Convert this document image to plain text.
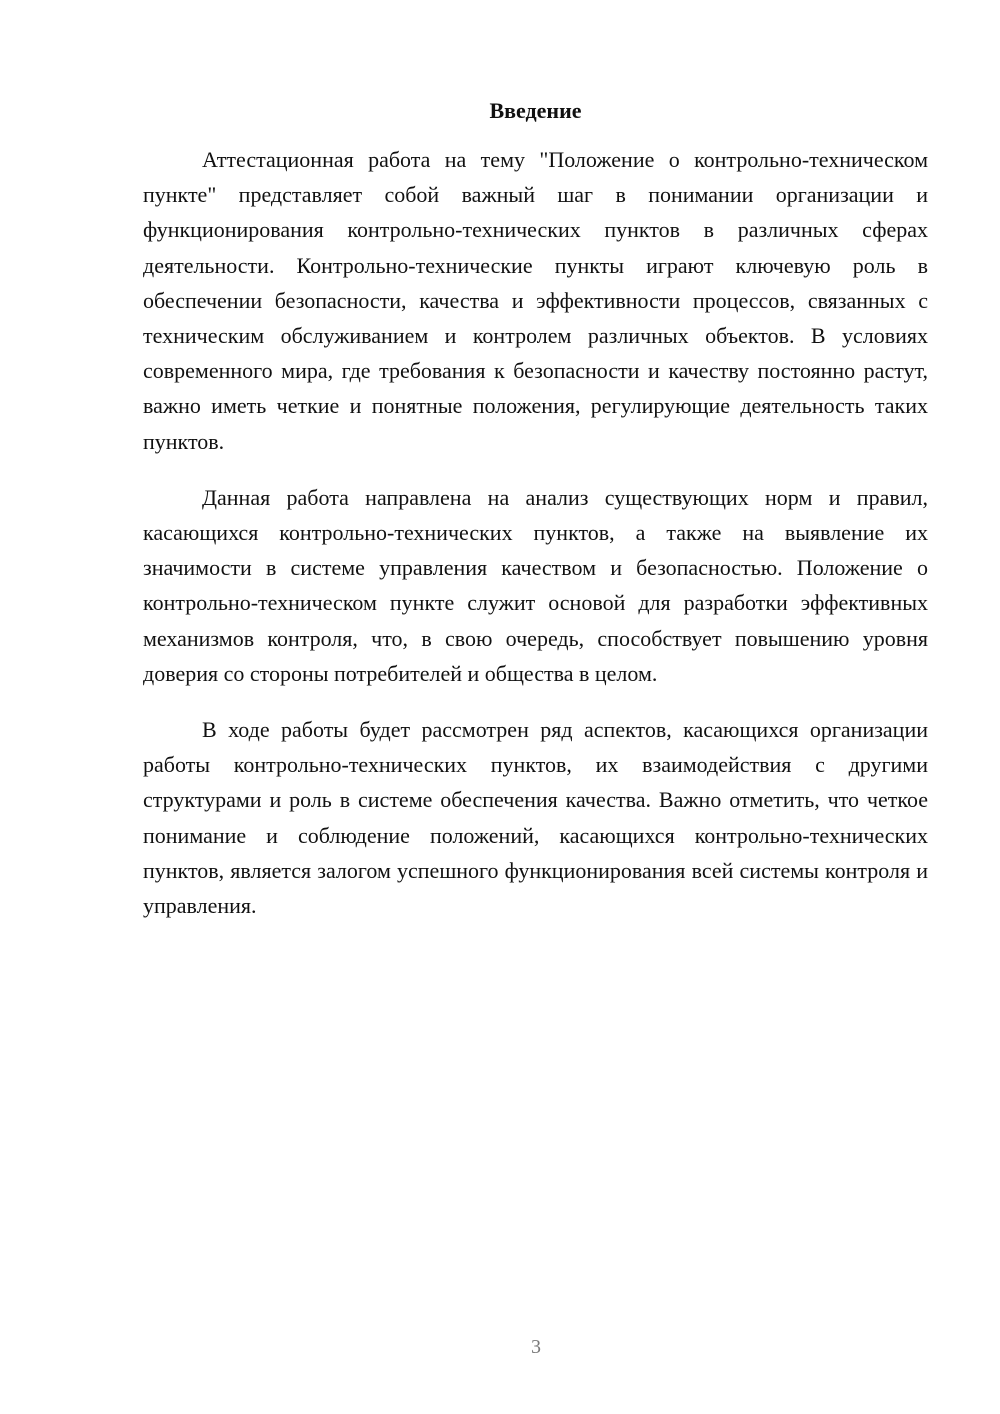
Введение

Аттестационная работа на тему "Положение о контрольно-техническом пункте" представляет собой важный шаг в понимании организации и функционирования контрольно-технических пунктов в различных сферах деятельности. Контрольно-технические пункты играют ключевую роль в обеспечении безопасности, качества и эффективности процессов, связанных с техническим обслуживанием и контролем различных объектов. В условиях современного мира, где требования к безопасности и качеству постоянно растут, важно иметь четкие и понятные положения, регулирующие деятельность таких пунктов.

Данная работа направлена на анализ существующих норм и правил, касающихся контрольно-технических пунктов, а также на выявление их значимости в системе управления качеством и безопасностью. Положение о контрольно-техническом пункте служит основой для разработки эффективных механизмов контроля, что, в свою очередь, способствует повышению уровня доверия со стороны потребителей и общества в целом.

В ходе работы будет рассмотрен ряд аспектов, касающихся организации работы контрольно-технических пунктов, их взаимодействия с другими структурами и роль в системе обеспечения качества. Важно отметить, что четкое понимание и соблюдение положений, касающихся контрольно-технических пунктов, является залогом успешного функционирования всей системы контроля и управления.

3
